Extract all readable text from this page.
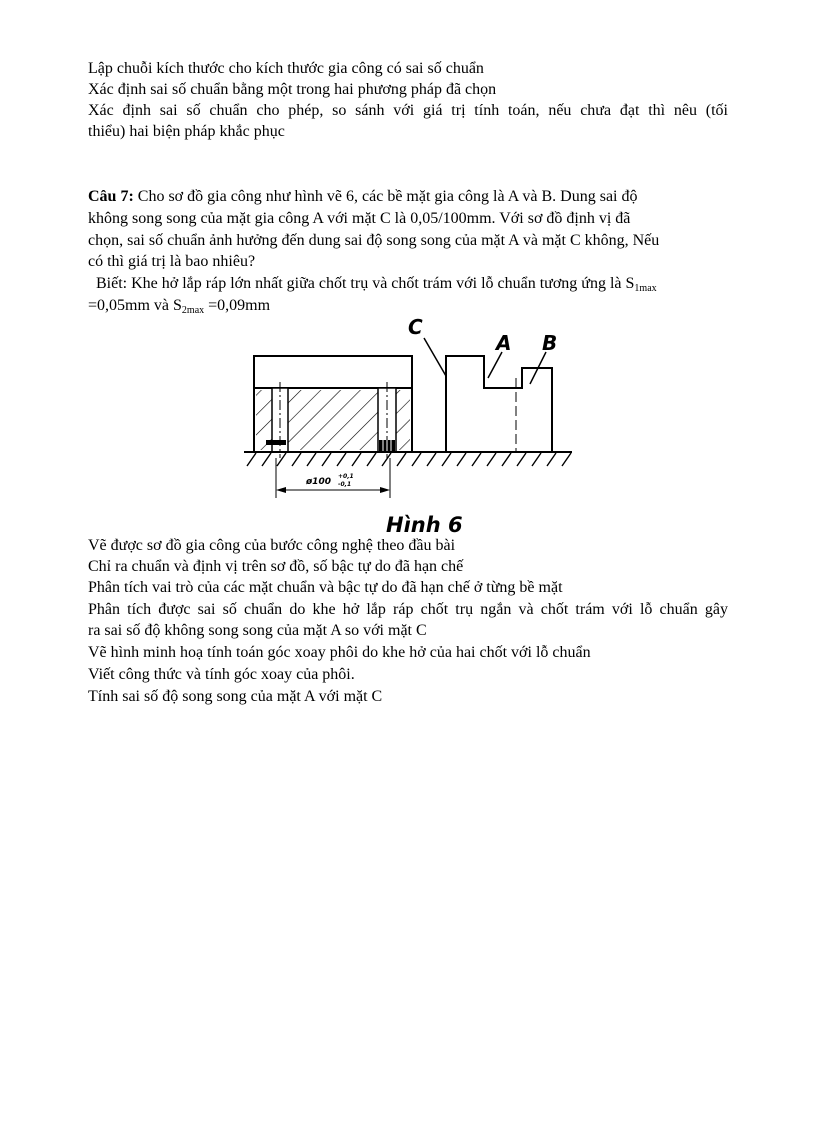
Lập chuỗi kích thước cho kích thước gia công có sai số chuẩn
Xác định sai số chuẩn bằng một trong hai phương pháp đã chọn
Xác định sai số chuẩn cho phép, so sánh với giá trị tính toán, nếu chưa đạt thì nêu (tối
thiểu) hai biện pháp khắc phục
Câu 7: Cho sơ đồ gia công như hình vẽ 6, các bề mặt gia công là A và B. Dung sai độ
không song song của mặt gia công A với mặt C là 0,05/100mm. Với sơ đồ định vị đã
chọn, sai số chuẩn ảnh hưởng đến dung sai độ song song của mặt A và mặt C không, Nếu
có thì giá trị là bao nhiêu?
Biết: Khe hở lắp ráp lớn nhất giữa chốt trụ và chốt trám với lỗ chuẩn tương ứng là $S_{1max}$
=0,05mm và $S_{2max} =0,09mm$
C
A B
ø100
+0,1
-0,1
Hình 6
Vẽ được sơ đồ gia công của bước công nghệ theo đầu bài
Chỉ ra chuẩn và định vị trên sơ đồ, số bậc tự do đã hạn chế
Phân tích vai trò của các mặt chuẩn và bậc tự do đã hạn chế ở từng bề mặt
Phân tích được sai số chuẩn do khe hở lắp ráp chốt trụ ngắn và chốt trám với lỗ chuẩn gây
ra sai số độ không song song của mặt A so với mặt C
Vẽ hình minh hoạ tính toán góc xoay phôi do khe hở của hai chốt với lỗ chuẩn
Viết công thức và tính góc xoay của phôi.
Tính sai số độ song song của mặt A với mặt C
